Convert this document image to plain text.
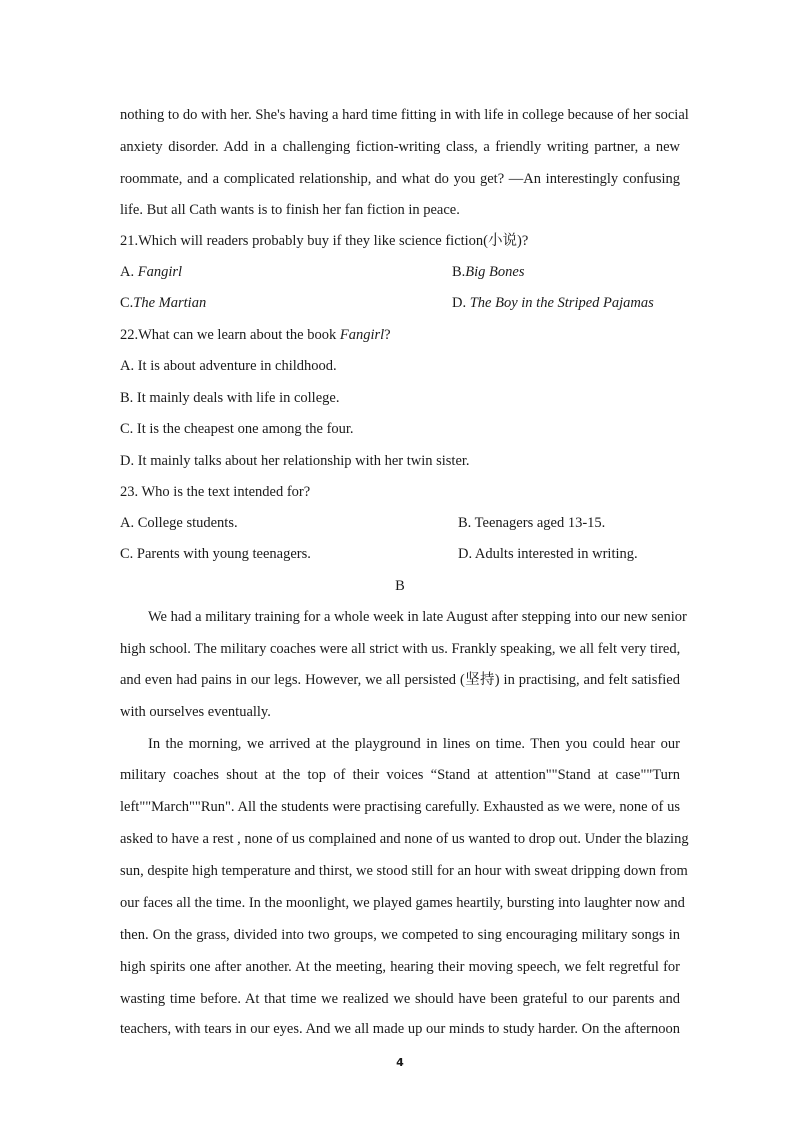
nothing to do with her. She's having a hard time fitting in with life in college because of her social
anxiety disorder. Add in a challenging fiction-writing class, a friendly writing partner, a new
roommate, and a complicated relationship, and what do you get? —An interestingly confusing
life. But all Cath wants is to finish her fan fiction in peace.
21.Which will readers probably buy if they like science fiction(小说)?
A. Fangirl	B.Big Bones
C.The Martian	D. The Boy in the Striped Pajamas
22.What can we learn about the book Fangirl?
A. It is about adventure in childhood.
B. It mainly deals with life in college.
C. It is the cheapest one among the four.
D. It mainly talks about her relationship with her twin sister.
23. Who is the text intended for?
A. College students.	B. Teenagers aged 13-15.
C. Parents with young teenagers.	D. Adults interested in writing.
B
We had a military training for a whole week in late August after stepping into our new senior
high school. The military coaches were all strict with us. Frankly speaking, we all felt very tired,
and even had pains in our legs. However, we all persisted (坚持) in practising, and felt satisfied
with ourselves eventually.
In the morning, we arrived at the playground in lines on time. Then you could hear our
military coaches shout at the top of their voices “Stand at attention""Stand at case""Turn
left""March""Run". All the students were practising carefully. Exhausted as we were, none of us
asked to have a rest , none of us complained and none of us wanted to drop out. Under the blazing
sun, despite high temperature and thirst, we stood still for an hour with sweat dripping down from
our faces all the time. In the moonlight, we played games heartily, bursting into laughter now and
then. On the grass, divided into two groups, we competed to sing encouraging military songs in
high spirits one after another. At the meeting, hearing their moving speech, we felt regretful for
wasting time before. At that time we realized we should have been grateful to our parents and
teachers, with tears in our eyes. And we all made up our minds to study harder. On the afternoon
4
